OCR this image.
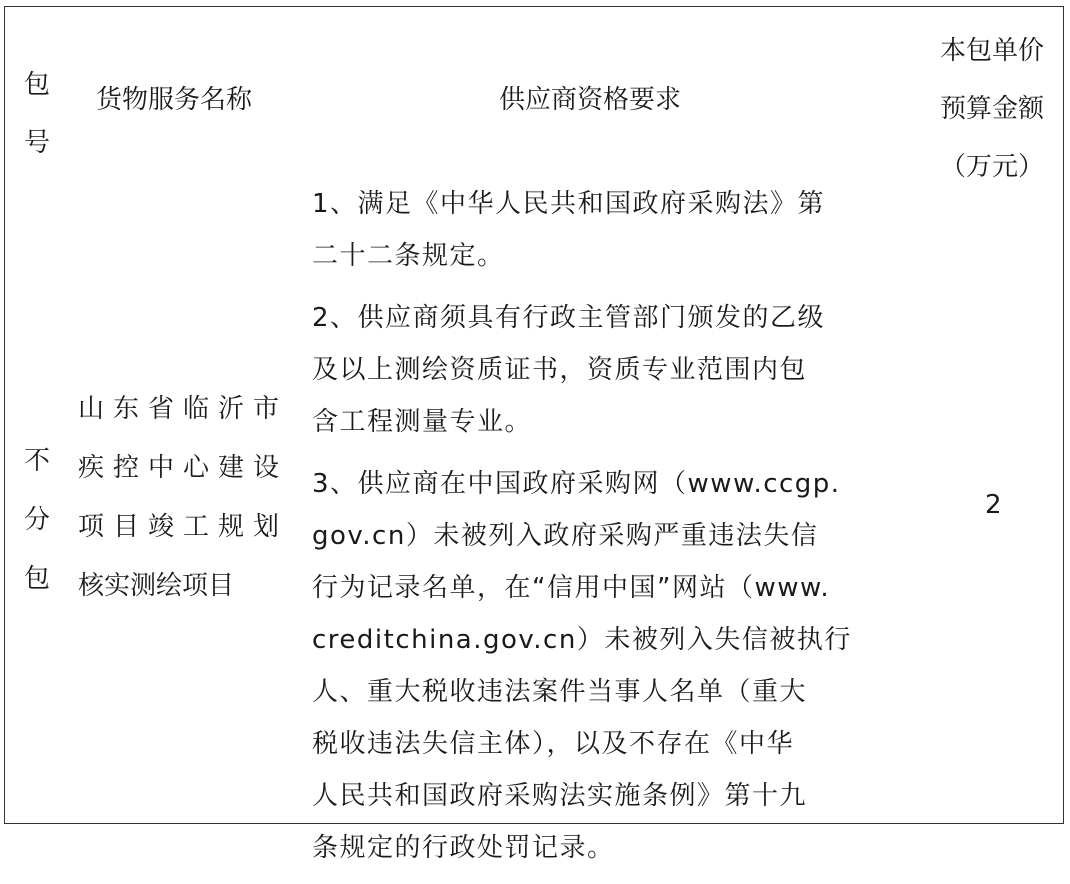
包
号
货物服务名称	供应商资格要求
本包单价
预算金额
（万元）
不
分
包
山东省临沂市
疾控中心建设
项目竣工规划
核实测绘项目

1、满足《中华人民共和国政府采购法》第
二十二条规定。

2、供应商须具有行政主管部门颁发的乙级
及以上测绘资质证书，资质专业范围内包
含工程测量专业。

3、供应商在中国政府采购网（www.ccgp.
gov.cn）未被列入政府采购严重违法失信
行为记录名单，在“信用中国”网站（www.
creditchina.gov.cn）未被列入失信被执行
人、重大税收违法案件当事人名单（重大
税收违法失信主体），以及不存在《中华
人民共和国政府采购法实施条例》第十九
条规定的行政处罚记录。

2
